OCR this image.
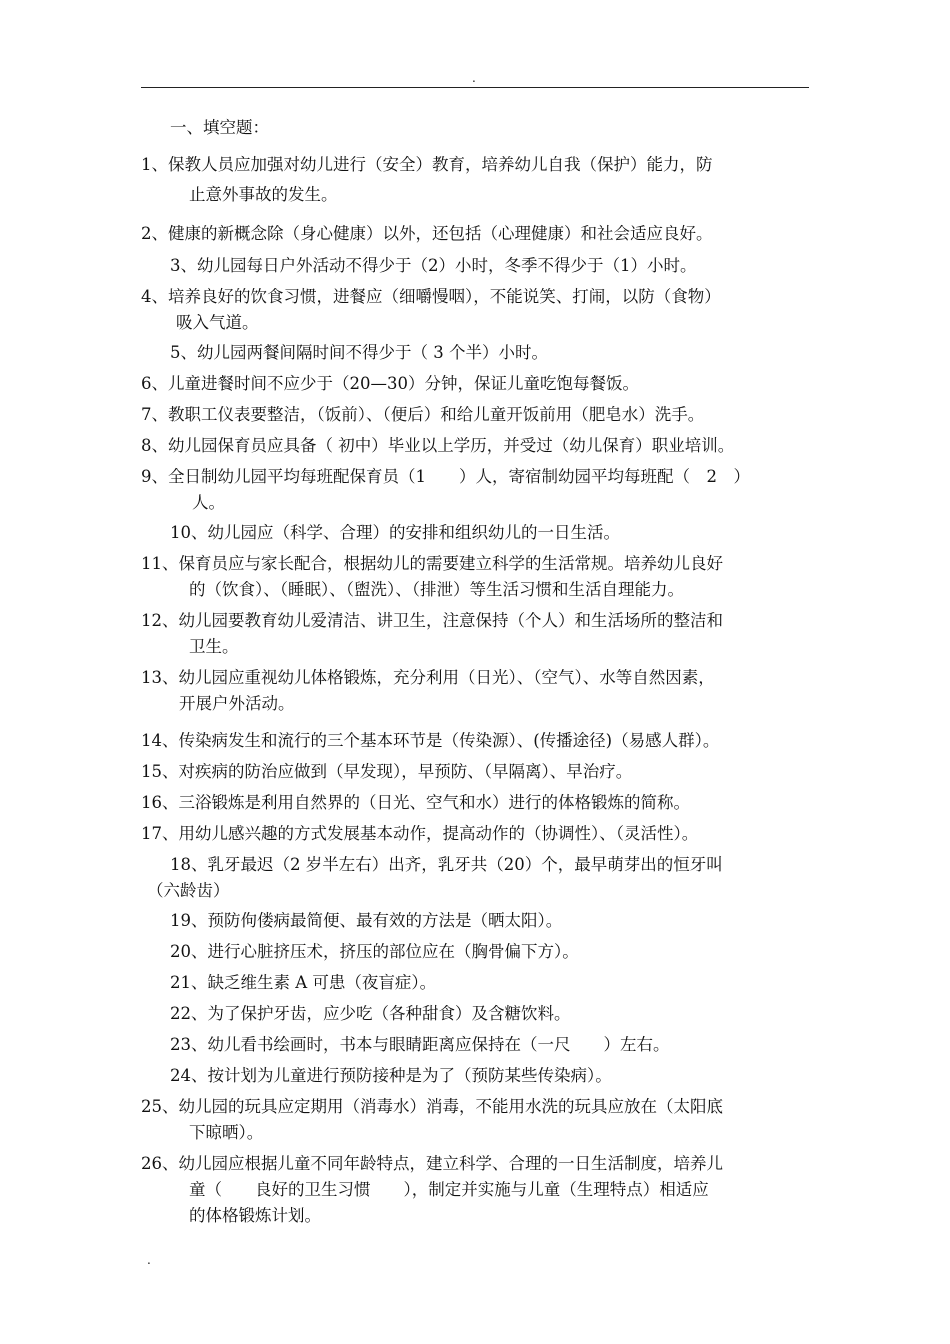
.
一、填空题：
1、保教人员应加强对幼儿进行（安全）教育，培养幼儿自我（保护）能力，防
止意外事故的发生。
2、健康的新概念除（身心健康）以外，还包括（心理健康）和社会适应良好。
3、幼儿园每日户外活动不得少于（2）小时，冬季不得少于（1）小时。
4、培养良好的饮食习惯，进餐应（细嚼慢咽），不能说笑、打闹，以防（食物）
吸入气道。
5、幼儿园两餐间隔时间不得少于（ 3 个半）小时。
6、儿童进餐时间不应少于（20—30）分钟，保证儿童吃饱每餐饭。
7、教职工仪表要整洁，（饭前）、（便后）和给儿童开饭前用（肥皂水）洗手。
8、幼儿园保育员应具备（ 初中）毕业以上学历，并受过（幼儿保育）职业培训。
9、全日制幼儿园平均每班配保育员（1　　）人，寄宿制幼园平均每班配（　2　）
人。
10、幼儿园应（科学、合理）的安排和组织幼儿的一日生活。
11、保育员应与家长配合，根据幼儿的需要建立科学的生活常规。培养幼儿良好
的（饮食）、（睡眠）、（盥洗）、（排泄）等生活习惯和生活自理能力。
12、幼儿园要教育幼儿爱清洁、讲卫生，注意保持（个人）和生活场所的整洁和
卫生。
13、幼儿园应重视幼儿体格锻炼，充分利用（日光）、（空气）、水等自然因素，
开展户外活动。
14、传染病发生和流行的三个基本环节是（传染源）、(传播途径)（易感人群）。
15、对疾病的防治应做到（早发现），早预防、（早隔离）、早治疗。
16、三浴锻炼是利用自然界的（日光、空气和水）进行的体格锻炼的简称。
17、用幼儿感兴趣的方式发展基本动作，提高动作的（协调性）、（灵活性）。
18、乳牙最迟（2 岁半左右）出齐，乳牙共（20）个，最早萌芽出的恒牙叫
（六龄齿）
19、预防佝偻病最简便、最有效的方法是（晒太阳）。
20、进行心脏挤压术，挤压的部位应在（胸骨偏下方）。
21、缺乏维生素 A 可患（夜盲症）。
22、为了保护牙齿，应少吃（各种甜食）及含糖饮料。
23、幼儿看书绘画时，书本与眼睛距离应保持在（一尺　　）左右。
24、按计划为儿童进行预防接种是为了（预防某些传染病）。
25、幼儿园的玩具应定期用（消毒水）消毒，不能用水洗的玩具应放在（太阳底
下晾晒）。
26、幼儿园应根据儿童不同年龄特点，建立科学、合理的一日生活制度，培养儿
童（　　良好的卫生习惯　　），制定并实施与儿童（生理特点）相适应
的体格锻炼计划。
.
